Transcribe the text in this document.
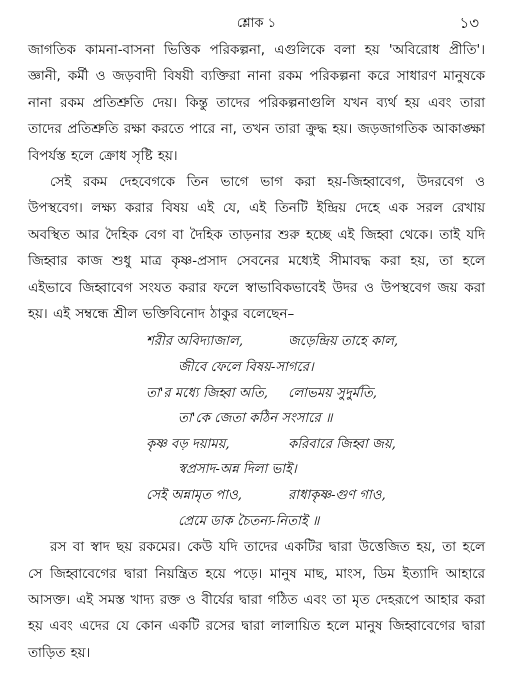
শ্লোক ১	১৩

জাগতিক কামনা-বাসনা ভিত্তিক পরিকল্পনা, এগুলিকে বলা হয় 'অবিরোধ প্রীতি'। জ্ঞানী, কর্মী ও জড়বাদী বিষয়ী ব্যক্তিরা নানা রকম পরিকল্পনা করে সাধারণ মানুষকে নানা রকম প্রতিশ্রুতি দেয়। কিন্তু তাদের পরিকল্পনাগুলি যখন ব্যর্থ হয় এবং তারা তাদের প্রতিশ্রুতি রক্ষা করতে পারে না, তখন তারা ক্রুদ্ধ হয়। জড়জাগতিক আকাঙ্ক্ষা বিপর্যস্ত হলে ক্রোধ সৃষ্টি হয়।

সেই রকম দেহবেগকে তিন ভাগে ভাগ করা হয়-জিহ্বাবেগ, উদরবেগ ও উপস্থবেগ। লক্ষ্য করার বিষয় এই যে, এই তিনটি ইন্দ্রিয় দেহে এক সরল রেখায় অবস্থিত আর দৈহিক বেগ বা দৈহিক তাড়নার শুরু হচ্ছে এই জিহ্বা থেকে। তাই যদি জিহ্বার কাজ শুধু মাত্র কৃষ্ণ-প্রসাদ সেবনের মধ্যেই সীমাবদ্ধ করা হয়, তা হলে এইভাবে জিহ্বাবেগ সংযত করার ফলে স্বাভাবিকভাবেই উদর ও উপস্থবেগ জয় করা হয়। এই সম্বন্ধে শ্রীল ভক্তিবিনোদ ঠাকুর বলেছেন–

শরীর অবিদ্যাজাল,	জড়েন্দ্রিয় তাহে কাল,
জীবে ফেলে বিষয়-সাগরে।
তা'র মধ্যে জিহ্বা অতি, লোভময় সুদুর্মতি,
তা'কে জেতা কঠিন সংসারে ॥
কৃষ্ণ বড় দয়াময়,	করিবারে জিহ্বা জয়,
স্বপ্রসাদ-অন্ন দিলা ভাই।
সেই অন্নামৃত পাও,	রাধাকৃষ্ণ-গুণ গাও,
প্রেমে ডাক চৈতন্য-নিতাই ॥

রস বা স্বাদ ছয় রকমের। কেউ যদি তাদের একটির দ্বারা উত্তেজিত হয়, তা হলে সে জিহ্বাবেগের দ্বারা নিয়ন্ত্রিত হয়ে পড়ে। মানুষ মাছ, মাংস, ডিম ইত্যাদি আহারে আসক্ত। এই সমস্ত খাদ্য রক্ত ও বীর্যের দ্বারা গঠিত এবং তা মৃত দেহরূপে আহার করা হয় এবং এদের যে কোন একটি রসের দ্বারা লালায়িত হলে মানুষ জিহ্বাবেগের দ্বারা তাড়িত হয়।
